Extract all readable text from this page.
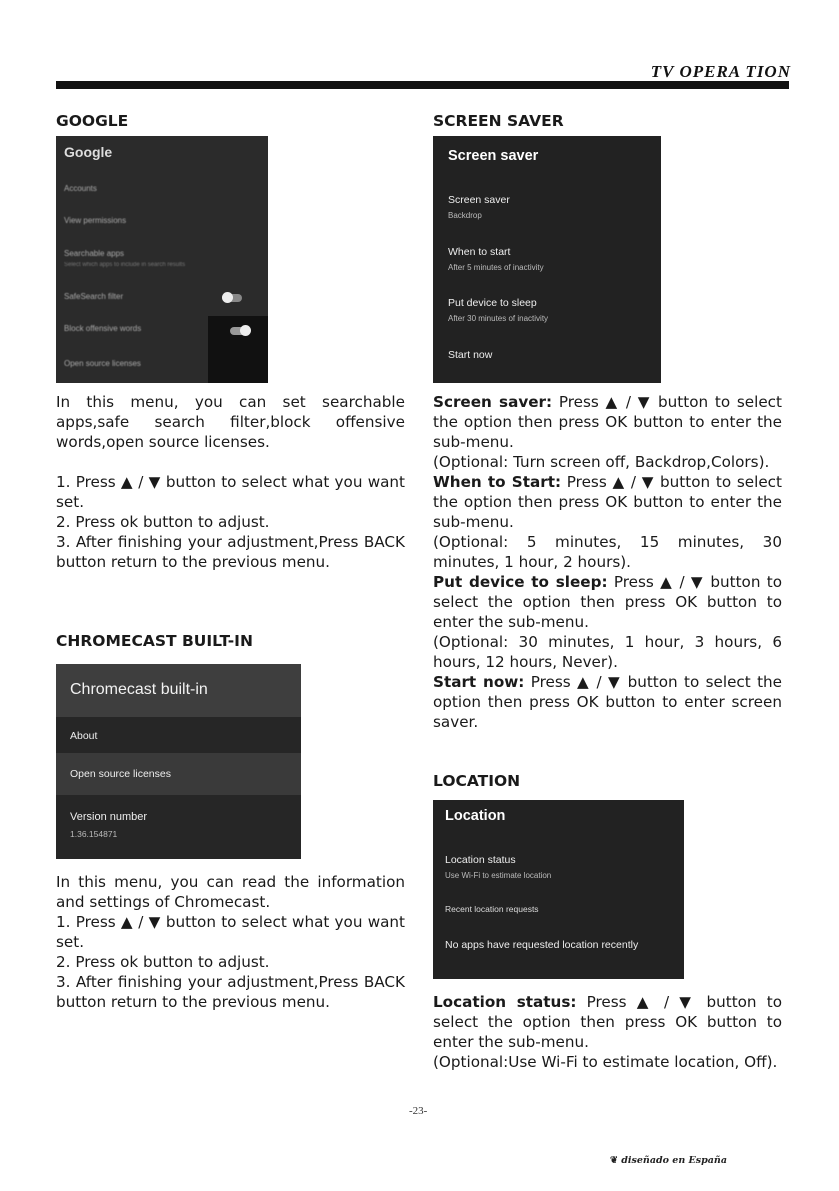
TV OPERA TION
GOOGLE
Google
Accounts
View permissions
Searchable apps
Select which apps to include in search results
SafeSearch filter
Block offensive words
Open source licenses

In this menu, you can set searchable apps,safe search filter,block offensive words,open source licenses.

1. Press ▲ / ▼ button to select what you want set.

2. Press ok button to adjust.

3. After finishing your adjustment,Press BACK button return to the previous menu.

CHROMECAST BUILT-IN
Chromecast built-in
About
Open source licenses
Version number
1.36.154871

In this menu, you can read the information and settings of Chromecast.

1. Press ▲ / ▼ button to select what you want set.

2. Press ok button to adjust.

3. After finishing your adjustment,Press BACK button return to the previous menu.

SCREEN SAVER
Screen saver
Screen saver
Backdrop
When to start
After 5 minutes of inactivity
Put device to sleep
After 30 minutes of inactivity
Start now

Screen saver: Press ▲ / ▼ button to select the option then press OK button to enter the sub-menu.

(Optional: Turn screen off, Backdrop,Colors).

When to Start: Press ▲ / ▼ button to select the option then press OK button to enter the sub-menu.

(Optional: 5 minutes, 15 minutes, 30 minutes, 1 hour, 2 hours).

Put device to sleep: Press ▲ / ▼ button to select the option then press OK button to enter the sub-menu.

(Optional: 30 minutes, 1 hour, 3 hours, 6 hours, 12 hours, Never).

Start now: Press ▲ / ▼ button to select the option then press OK button to enter screen saver.

LOCATION
Location
Location status
Use Wi-Fi to estimate location
Recent location requests
No apps have requested location recently

Location status: Press ▲ / ▼ button to select the option then press OK button to enter the sub-menu.

(Optional:Use Wi-Fi to estimate location, Off).

-23-
❦ diseñado en España
